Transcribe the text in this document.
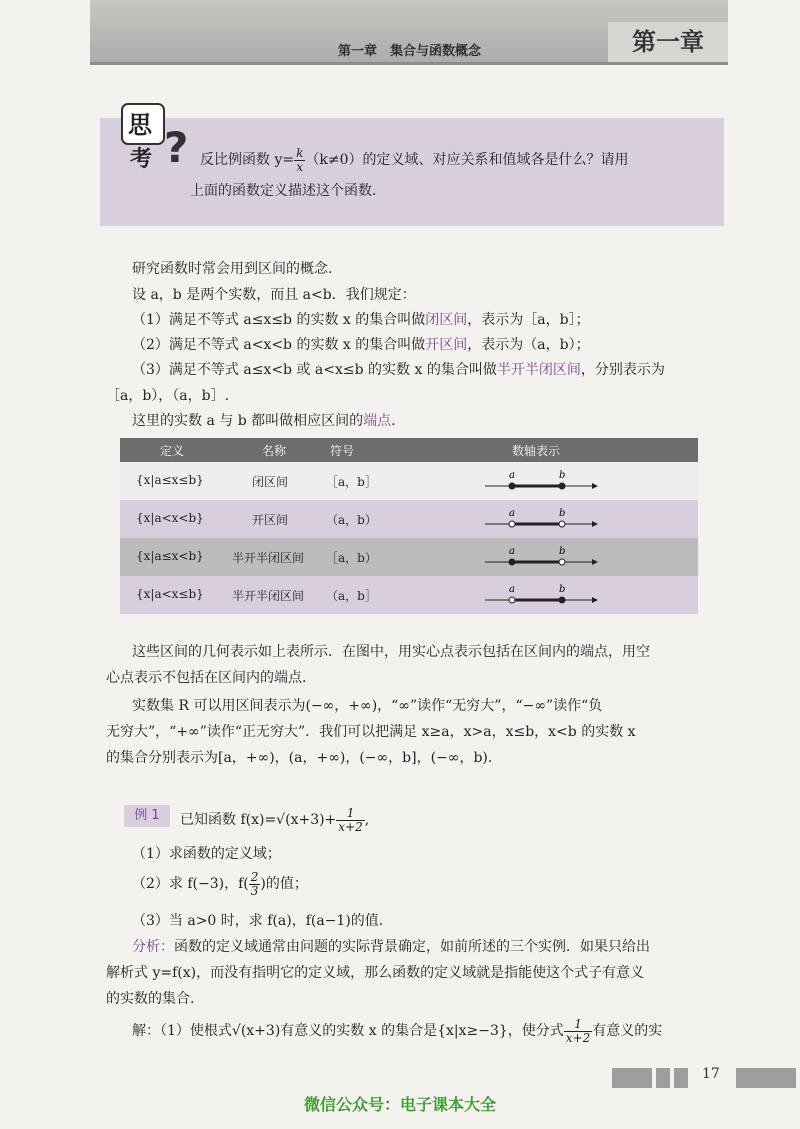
第一章　集合与函数概念	第一章
思
考 ? 反比例函数 $y= \frac{k}{x} (k\ne 0)$的定义域、对应关系和值域各是什么？请用
上面的函数定义描述这个函数.
研究函数时常会用到区间的概念.
设 a，b 是两个实数，而且 a<b．我们规定：
（1）满足不等式 a≤x≤b 的实数 x 的集合叫做闭区间，表示为［a，b］；
（2）满足不等式 a<x<b 的实数 x 的集合叫做开区间，表示为（a，b）；
（3）满足不等式 a≤x<b 或 a<x≤b 的实数 x 的集合叫做半开半闭区间，分别表示为
［a，b），（a，b］.
这里的实数 a 与 b 都叫做相应区间的端点.
定义	名称	符号	数轴表示
{x|a≤x≤b}	闭区间	［a，b］	a	b
{x|a<x<b}	开区间	（a，b）	a	b
{x|a≤x<b} 半开半闭区间 ［a，b）	a	b
{x|a<x≤b} 半开半闭区间 （a，b］	a	b
这些区间的几何表示如上表所示．在图中，用实心点表示包括在区间内的端点，用空
心点表示不包括在区间内的端点.
实数集 R 可以用区间表示为(−∞，+∞)，“∞”读作“无穷大”，“−∞”读作“负
无穷大”，“+∞”读作“正无穷大”．我们可以把满足 x≥a，x>a，x≤b，x<b 的实数 x
的集合分别表示为[a，+∞)，(a，+∞)，(−∞，b]，(−∞，b).
例 1	已知函数 $f(x)=√(x+3)+ \frac{1}{x+2}$ ,
（1）求函数的定义域；
（2）求 f(−3)，$f( \frac{2}{3}$ )的值；
（3）当 a>0 时，求 f(a)，f(a−1)的值.
分析：函数的定义域通常由问题的实际背景确定，如前所述的三个实例．如果只给出
解析式 y=f(x)，而没有指明它的定义域，那么函数的定义域就是指能使这个式子有意义
的实数的集合.
解：（1）使根式√(x+3)有意义的实数 x 的集合是{x|x≥−3}，使分式 $\frac{1}{x+2}$ 有意义的实
17
微信公众号：电子课本大全
